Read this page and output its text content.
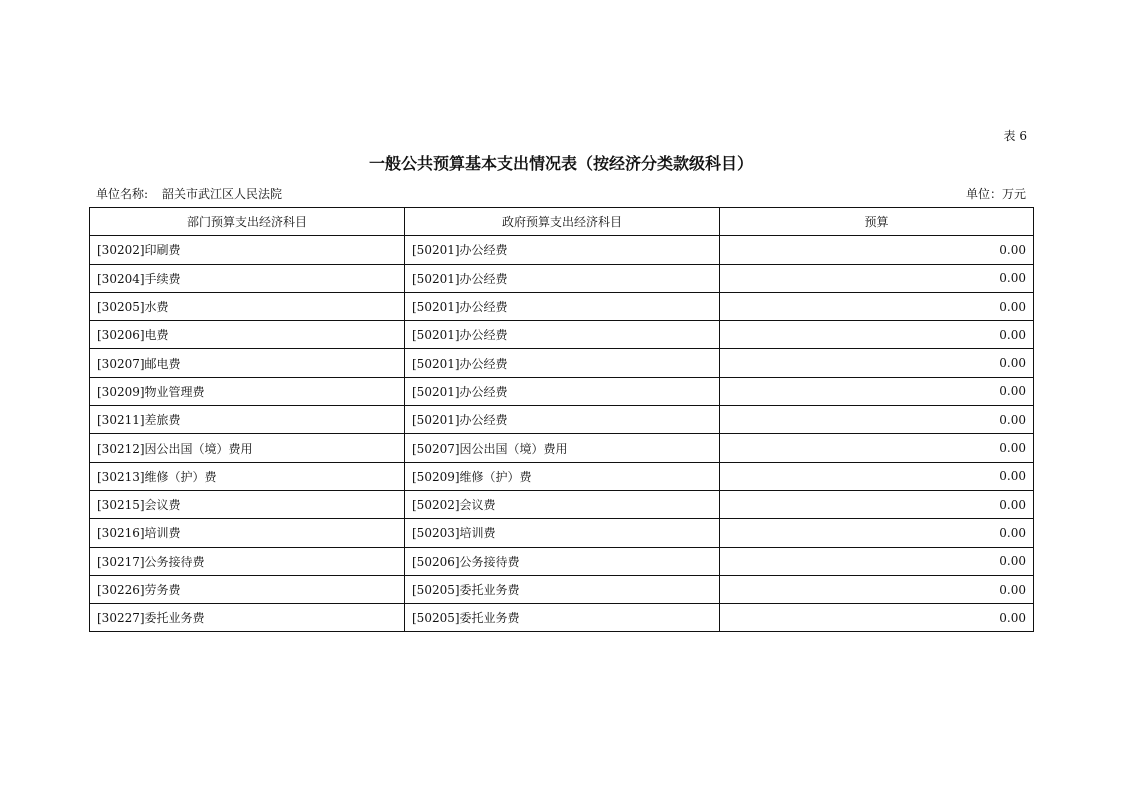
表 6
一般公共预算基本支出情况表（按经济分类款级科目）
单位名称: 韶关市武江区人民法院	单位：万元
部门预算支出经济科目	政府预算支出经济科目	预算
[30202]印刷费	[50201]办公经费	0.00
[30204]手续费	[50201]办公经费	0.00
[30205]水费	[50201]办公经费	0.00
[30206]电费	[50201]办公经费	0.00
[30207]邮电费	[50201]办公经费	0.00
[30209]物业管理费	[50201]办公经费	0.00
[30211]差旅费	[50201]办公经费	0.00
[30212]因公出国（境）费用	[50207]因公出国（境）费用	0.00
[30213]维修（护）费	[50209]维修（护）费	0.00
[30215]会议费	[50202]会议费	0.00
[30216]培训费	[50203]培训费	0.00
[30217]公务接待费	[50206]公务接待费	0.00
[30226]劳务费	[50205]委托业务费	0.00
[30227]委托业务费	[50205]委托业务费	0.00
